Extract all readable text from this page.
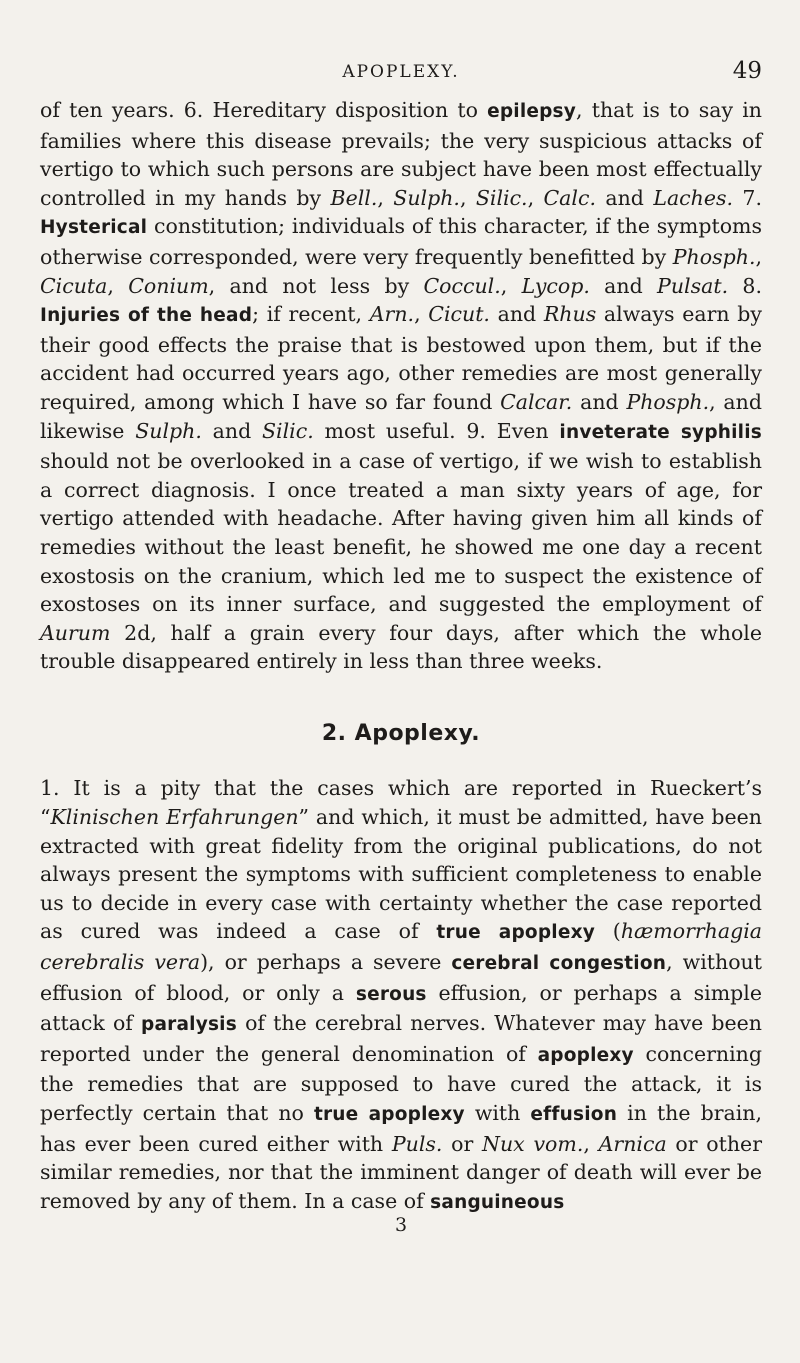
APOPLEXY.	49

of ten years. 6. Hereditary disposition to epilepsy, that is to say in families where this disease prevails; the very suspicious attacks of vertigo to which such persons are subject have been most effectually controlled in my hands by Bell., Sulph., Silic., Calc. and Laches. 7. Hysterical constitution; individuals of this character, if the symptoms otherwise corresponded, were very frequently benefitted by Phosph., Cicuta, Conium, and not less by Coccul., Lycop. and Pulsat. 8. Injuries of the head; if recent, Arn., Cicut. and Rhus always earn by their good effects the praise that is bestowed upon them, but if the accident had occurred years ago, other remedies are most generally required, among which I have so far found Calcar. and Phosph., and likewise Sulph. and Silic. most useful. 9. Even inveterate syphilis should not be overlooked in a case of vertigo, if we wish to establish a correct diagnosis. I once treated a man sixty years of age, for vertigo attended with headache. After having given him all kinds of remedies without the least benefit, he showed me one day a recent exostosis on the cranium, which led me to suspect the existence of exostoses on its inner surface, and suggested the employment of Aurum 2d, half a grain every four days, after which the whole trouble disappeared entirely in less than three weeks.

2. Apoplexy.

1. It is a pity that the cases which are reported in Rueckert’s “Klinischen Erfahrungen” and which, it must be admitted, have been extracted with great fidelity from the original publications, do not always present the symptoms with sufficient completeness to enable us to decide in every case with certainty whether the case reported as cured was indeed a case of true apoplexy (hæmorrhagia cerebralis vera), or perhaps a severe cerebral congestion, without effusion of blood, or only a serous effusion, or perhaps a simple attack of paralysis of the cerebral nerves. Whatever may have been reported under the general denomination of apoplexy concerning the remedies that are supposed to have cured the attack, it is perfectly certain that no true apoplexy with effusion in the brain, has ever been cured either with Puls. or Nux vom., Arnica or other similar remedies, nor that the imminent danger of death will ever be removed by any of them. In a case of sanguineous

3
